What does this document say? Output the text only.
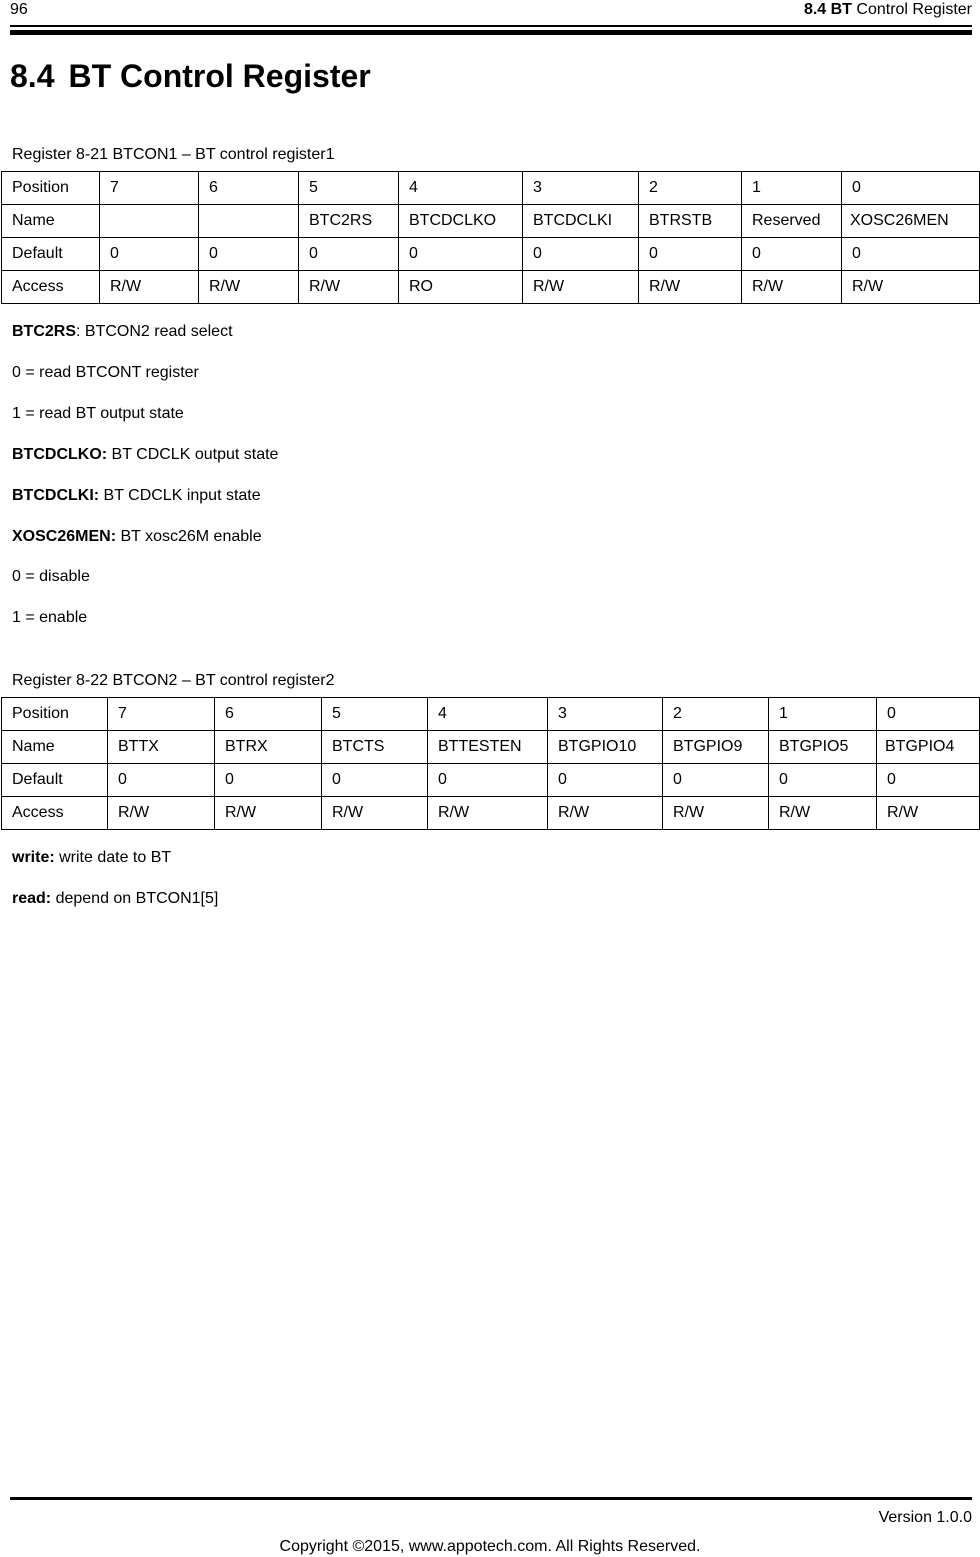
96	8.4 BT Control Register
8.4 BT Control Register
Register 8-21 BTCON1 – BT control register1
Position	7	6	5	4	3	2	1	0
Name			BTC2RS	BTCDCLKO	BTCDCLKI	BTRSTB	Reserved	XOSC26MEN
Default	0	0	0	0	0	0	0	0
Access	R/W	R/W	R/W	RO	R/W	R/W	R/W	R/W
BTC2RS: BTCON2 read select
0 = read BTCONT register
1 = read BT output state
BTCDCLKO: BT CDCLK output state
BTCDCLKI: BT CDCLK input state
XOSC26MEN: BT xosc26M enable
0 = disable
1 = enable
Register 8-22 BTCON2 – BT control register2
Position	7	6	5	4	3	2	1	0
Name	BTTX	BTRX	BTCTS	BTTESTEN	BTGPIO10	BTGPIO9	BTGPIO5	BTGPIO4
Default	0	0	0	0	0	0	0	0
Access	R/W	R/W	R/W	R/W	R/W	R/W	R/W	R/W
write: write date to BT
read: depend on BTCON1[5]
Version 1.0.0
Copyright ©2015, www.appotech.com. All Rights Reserved.
